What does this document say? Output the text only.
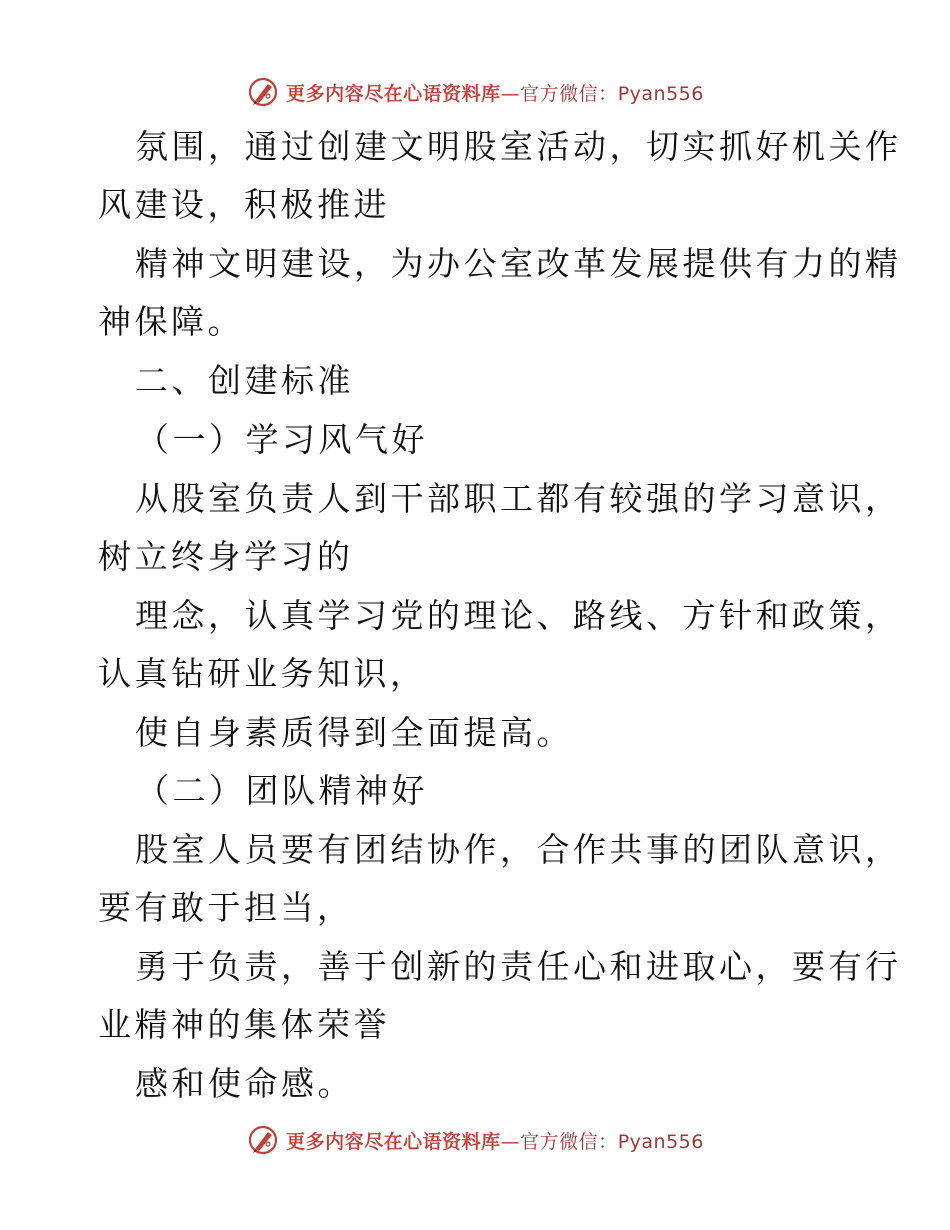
更多内容尽在心语资料库—官方微信：Pyan556
氛围，通过创建文明股室活动，切实抓好机关作
风建设，积极推进
精神文明建设，为办公室改革发展提供有力的精
神保障。
二、创建标准
（一）学习风气好
从股室负责人到干部职工都有较强的学习意识，
树立终身学习的
理念，认真学习党的理论、路线、方针和政策，
认真钻研业务知识，
使自身素质得到全面提高。
（二）团队精神好
股室人员要有团结协作，合作共事的团队意识，
要有敢于担当，
勇于负责，善于创新的责任心和进取心，要有行
业精神的集体荣誉
感和使命感。
更多内容尽在心语资料库—官方微信：Pyan556
